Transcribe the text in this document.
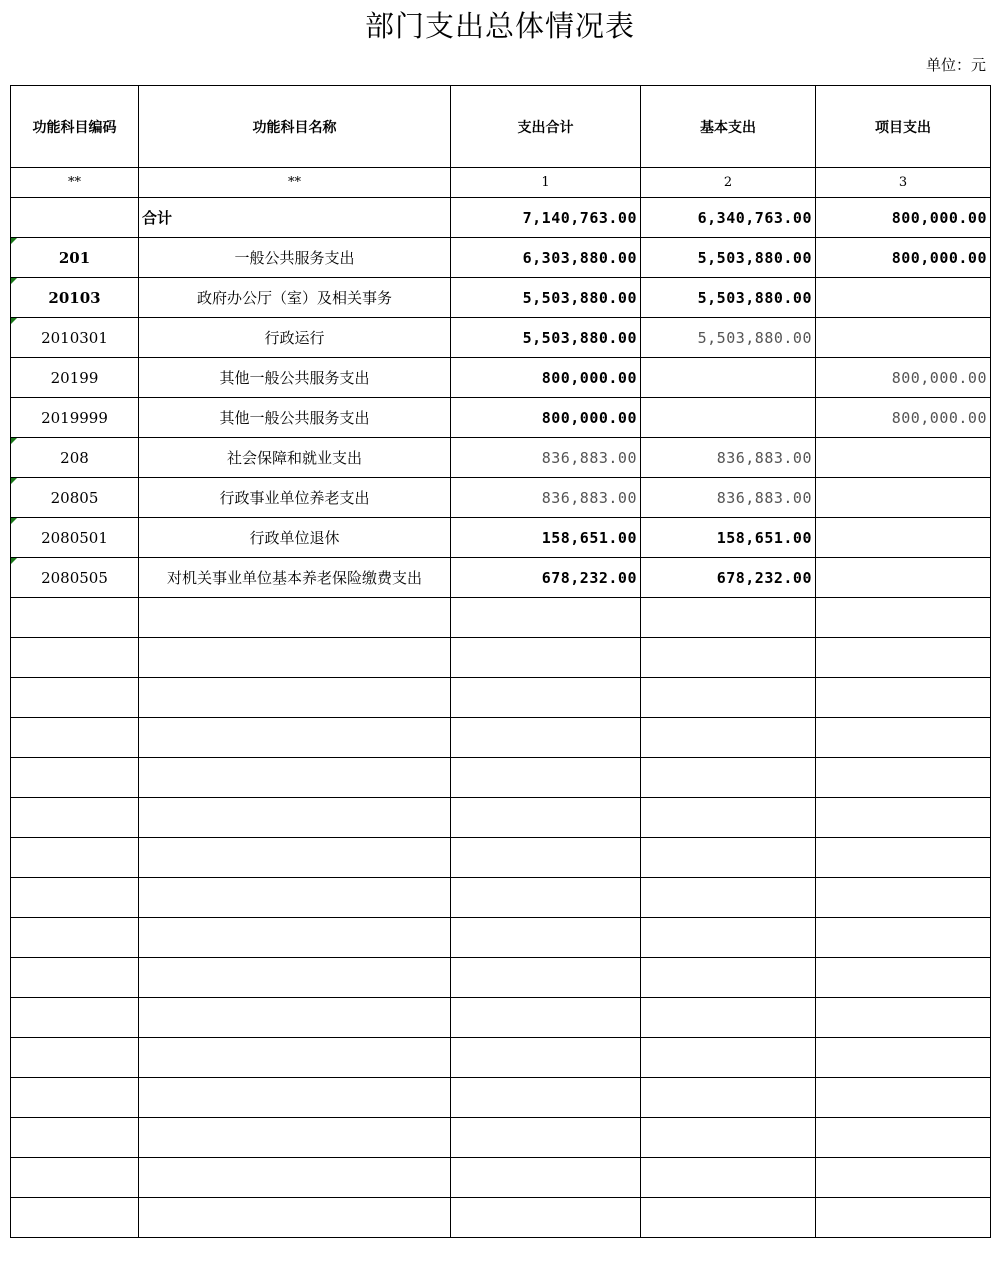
部门支出总体情况表
单位：元
功能科目编码	功能科目名称	支出合计	基本支出	项目支出
**	**	1	2	3
	合计	7,140,763.00	6,340,763.00	800,000.00
201	一般公共服务支出	6,303,880.00	5,503,880.00	800,000.00
20103	政府办公厅（室）及相关事务	5,503,880.00	5,503,880.00	
2010301	行政运行	5,503,880.00	5,503,880.00	
20199	其他一般公共服务支出	800,000.00		800,000.00
2019999	其他一般公共服务支出	800,000.00		800,000.00
208	社会保障和就业支出	836,883.00	836,883.00	
20805	行政事业单位养老支出	836,883.00	836,883.00	
2080501	行政单位退休	158,651.00	158,651.00	
2080505	对机关事业单位基本养老保险缴费支出	678,232.00	678,232.00	
